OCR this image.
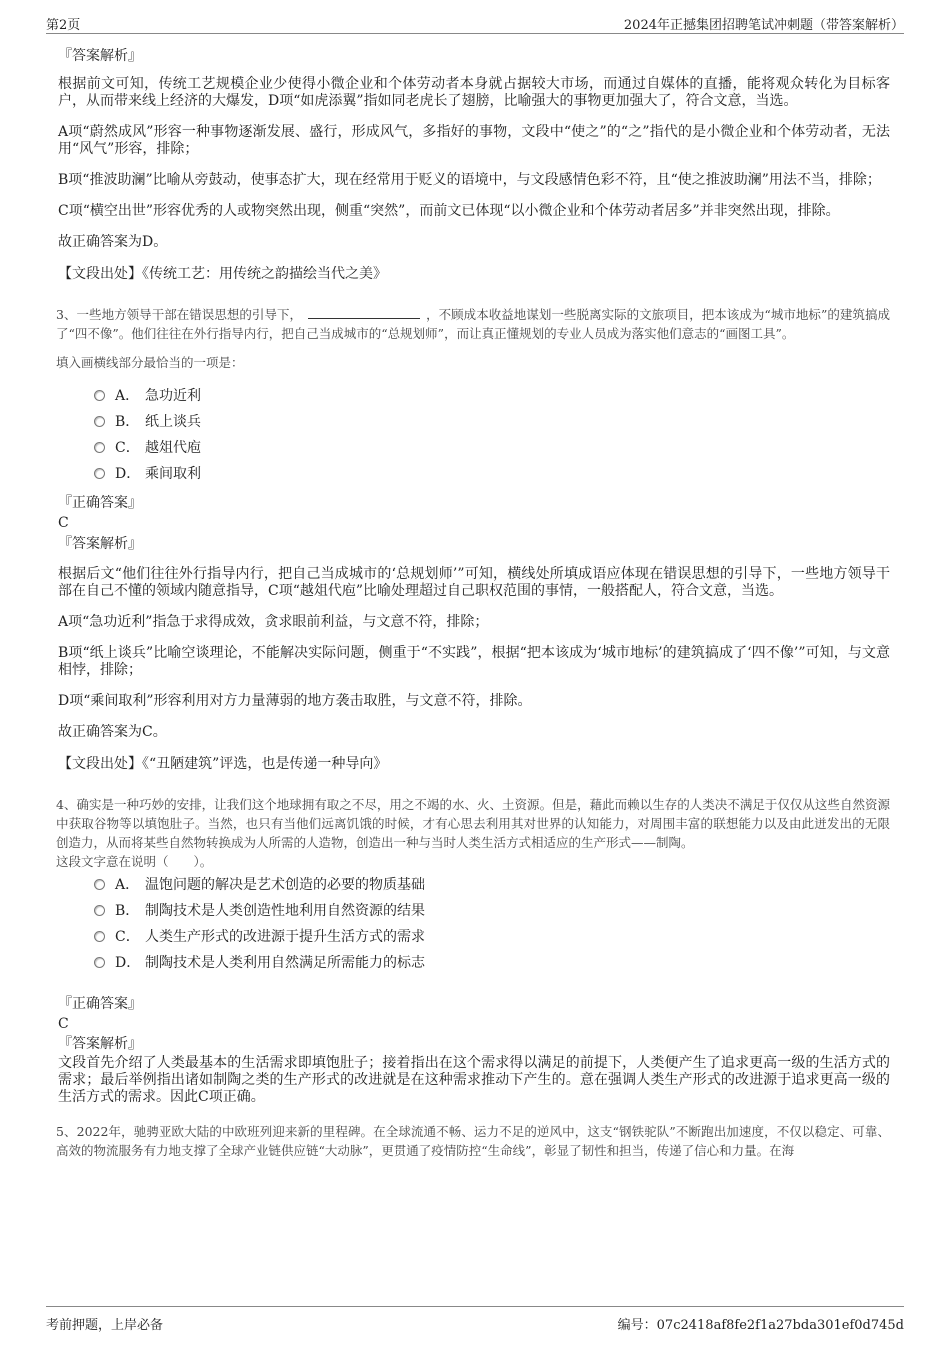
第2页	2024年正撼集团招聘笔试冲刺题（带答案解析）
『答案解析』

根据前文可知，传统工艺规模企业少使得小微企业和个体劳动者本身就占据较大市场，而通过自媒体的直播，能将观众转化为目标客户，从而带来线上经济的大爆发，D项“如虎添翼”指如同老虎长了翅膀，比喻强大的事物更加强大了，符合文意，当选。

A项“蔚然成风”形容一种事物逐渐发展、盛行，形成风气，多指好的事物，文段中“使之”的“之”指代的是小微企业和个体劳动者，无法用“风气”形容，排除；

B项“推波助澜”比喻从旁鼓动，使事态扩大，现在经常用于贬义的语境中，与文段感情色彩不符，且“使之推波助澜”用法不当，排除；

C项“横空出世”形容优秀的人或物突然出现，侧重“突然”，而前文已体现“以小微企业和个体劳动者居多”并非突然出现，排除。

故正确答案为D。

【文段出处】《传统工艺：用传统之韵描绘当代之美》

3、一些地方领导干部在错误思想的引导下，	，不顾成本收益地谋划一些脱离实际的文旅项目，把本该成为“城市地标”的建筑搞成了“四不像”。他们往往在外行指导内行，把自己当成城市的“总规划师”，而让真正懂规划的专业人员成为落实他们意志的“画图工具”。

填入画横线部分最恰当的一项是：

A． 急功近利
B． 纸上谈兵
C． 越俎代庖
D． 乘间取利
『正确答案』
C
『答案解析』

根据后文“他们往往外行指导内行，把自己当成城市的‘总规划师’”可知，横线处所填成语应体现在错误思想的引导下，一些地方领导干部在自己不懂的领域内随意指导，C项“越俎代庖”比喻处理超过自己职权范围的事情，一般搭配人，符合文意，当选。

A项“急功近利”指急于求得成效，贪求眼前利益，与文意不符，排除；

B项“纸上谈兵”比喻空谈理论，不能解决实际问题，侧重于“不实践”，根据“把本该成为‘城市地标’的建筑搞成了‘四不像’”可知，与文意相悖，排除；

D项“乘间取利”形容利用对方力量薄弱的地方袭击取胜，与文意不符，排除。

故正确答案为C。

【文段出处】《“丑陋建筑”评选，也是传递一种导向》

4、确实是一种巧妙的安排，让我们这个地球拥有取之不尽，用之不竭的水、火、土资源。但是，藉此而赖以生存的人类决不满足于仅仅从这些自然资源中获取谷物等以填饱肚子。当然，也只有当他们远离饥饿的时候，才有心思去利用其对世界的认知能力，对周围丰富的联想能力以及由此迸发出的无限创造力，从而将某些自然物转换成为人所需的人造物，创造出一种与当时人类生活方式相适应的生产形式——制陶。

这段文字意在说明（　　）。

A． 温饱问题的解决是艺术创造的必要的物质基础
B． 制陶技术是人类创造性地利用自然资源的结果
C． 人类生产形式的改进源于提升生活方式的需求
D． 制陶技术是人类利用自然满足所需能力的标志
『正确答案』
C
『答案解析』

文段首先介绍了人类最基本的生活需求即填饱肚子；接着指出在这个需求得以满足的前提下，人类便产生了追求更高一级的生活方式的需求；最后举例指出诸如制陶之类的生产形式的改进就是在这种需求推动下产生的。意在强调人类生产形式的改进源于追求更高一级的生活方式的需求。因此C项正确。

5、2022年，驰骋亚欧大陆的中欧班列迎来新的里程碑。在全球流通不畅、运力不足的逆风中，这支“钢铁驼队”不断跑出加速度，不仅以稳定、可靠、高效的物流服务有力地支撑了全球产业链供应链“大动脉”，更贯通了疫情防控“生命线”，彰显了韧性和担当，传递了信心和力量。在海

考前押题，上岸必备	编号：07c2418af8fe2f1a27bda301ef0d745d
